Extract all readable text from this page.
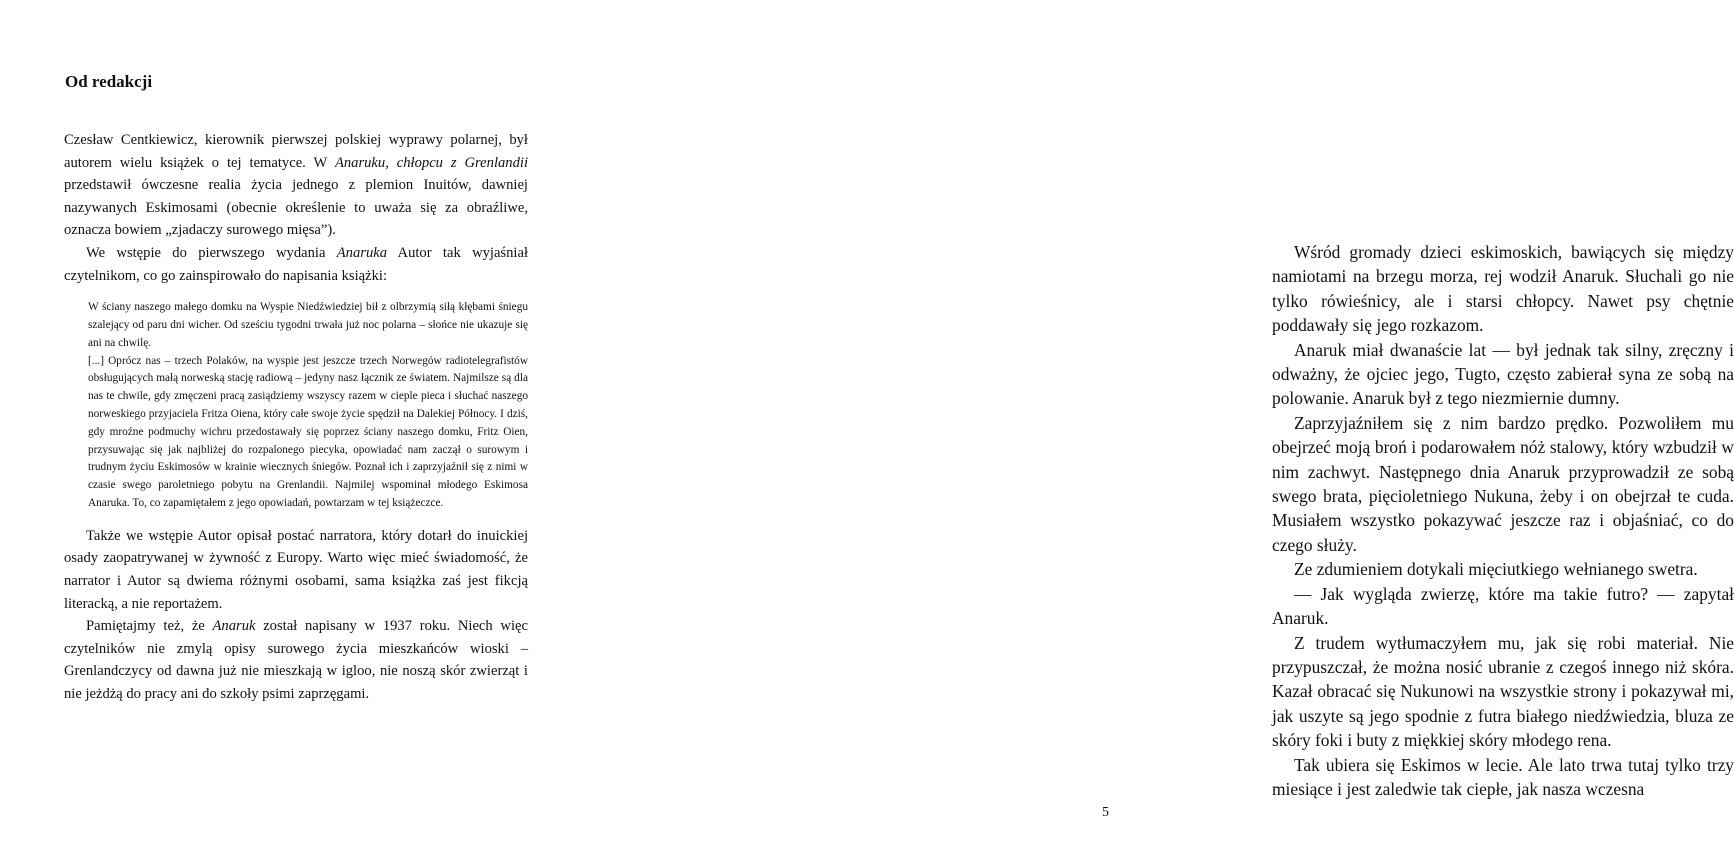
Od redakcji

Czesław Centkiewicz, kierownik pierwszej polskiej wyprawy polarnej, był autorem wielu książek o tej tematyce. W Anaruku, chłopcu z Grenlandii przedstawił ówczesne realia życia jednego z plemion Inuitów, dawniej nazywanych Eskimosami (obecnie określenie to uważa się za obraźliwe, oznacza bowiem „zjadaczy surowego mięsa”).

We wstępie do pierwszego wydania Anaruka Autor tak wyjaśniał czytelnikom, co go zainspirowało do napisania książki:

W ściany naszego małego domku na Wyspie Niedźwiedziej bił z olbrzymią siłą kłębami śniegu szalejący od paru dni wicher. Od sześciu tygodni trwała już noc polarna – słońce nie ukazuje się ani na chwilę.

[...] Oprócz nas – trzech Polaków, na wyspie jest jeszcze trzech Norwegów radiotelegrafistów obsługujących małą norweską stację radiową – jedyny nasz łącznik ze światem. Najmilsze są dla nas te chwile, gdy zmęczeni pracą zasiądziemy wszyscy razem w cieple pieca i słuchać naszego norweskiego przyjaciela Fritza Oiena, który całe swoje życie spędził na Dalekiej Północy. I dziś, gdy mroźne podmuchy wichru przedostawały się poprzez ściany naszego domku, Fritz Oien, przysuwając się jak najbliżej do rozpalonego piecyka, opowiadać nam zaczął o surowym i trudnym życiu Eskimosów w krainie wiecznych śniegów. Poznał ich i zaprzyjaźnił się z nimi w czasie swego paroletniego pobytu na Grenlandii. Najmilej wspominał młodego Eskimosa Anaruka. To, co zapamiętałem z jego opowiadań, powtarzam w tej książeczce.

Także we wstępie Autor opisał postać narratora, który dotarł do inuickiej osady zaopatrywanej w żywność z Europy. Warto więc mieć świadomość, że narrator i Autor są dwiema różnymi osobami, sama książka zaś jest fikcją literacką, a nie reportażem.

Pamiętajmy też, że Anaruk został napisany w 1937 roku. Niech więc czytelników nie zmylą opisy surowego życia mieszkańców wioski – Grenlandczycy od dawna już nie mieszkają w igloo, nie noszą skór zwierząt i nie jeżdżą do pracy ani do szkoły psimi zaprzęgami.

Wśród gromady dzieci eskimoskich, bawiących się między namiotami na brzegu morza, rej wodził Anaruk. Słuchali go nie tylko rówieśnicy, ale i starsi chłopcy. Nawet psy chętnie poddawały się jego rozkazom.

Anaruk miał dwanaście lat — był jednak tak silny, zręczny i odważny, że ojciec jego, Tugto, często zabierał syna ze sobą na polowanie. Anaruk był z tego niezmiernie dumny.

Zaprzyjaźniłem się z nim bardzo prędko. Pozwoliłem mu obejrzeć moją broń i podarowałem nóż stalowy, który wzbudził w nim zachwyt. Następnego dnia Anaruk przyprowadził ze sobą swego brata, pięcioletniego Nukuna, żeby i on obejrzał te cuda. Musiałem wszystko pokazywać jeszcze raz i objaśniać, co do czego służy.

Ze zdumieniem dotykali mięciutkiego wełnianego swetra.

— Jak wygląda zwierzę, które ma takie futro? — zapytał Anaruk.

Z trudem wytłumaczyłem mu, jak się robi materiał. Nie przypuszczał, że można nosić ubranie z czegoś innego niż skóra. Kazał obracać się Nukunowi na wszystkie strony i pokazywał mi, jak uszyte są jego spodnie z futra białego niedźwiedzia, bluza ze skóry foki i buty z miękkiej skóry młodego rena.

Tak ubiera się Eskimos w lecie. Ale lato trwa tutaj tylko trzy miesiące i jest zaledwie tak ciepłe, jak nasza wczesna

5
